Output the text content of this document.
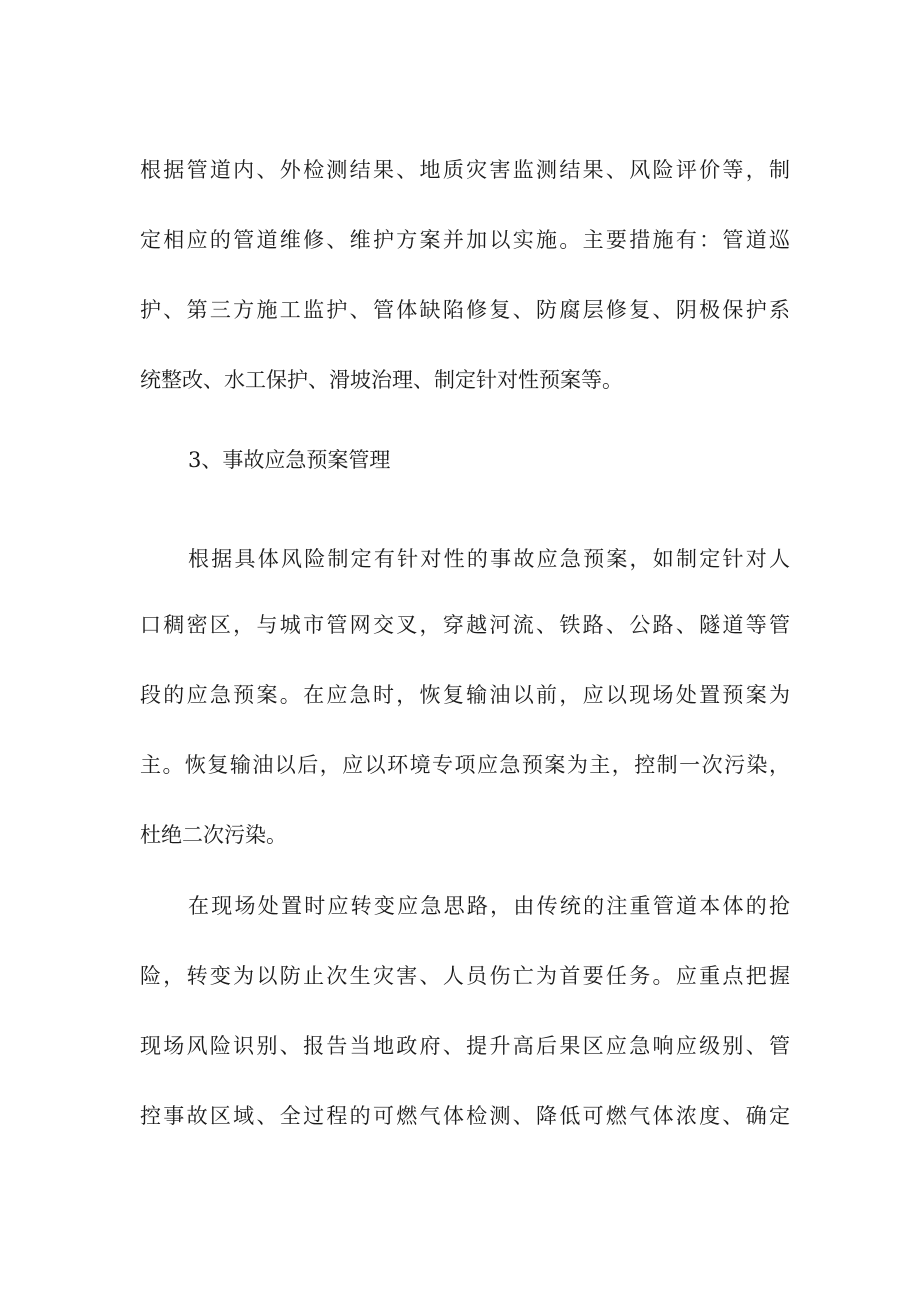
根据管道内、外检测结果、地质灾害监测结果、风险评价等，制
定相应的管道维修、维护方案并加以实施。主要措施有：管道巡
护、第三方施工监护、管体缺陷修复、防腐层修复、阴极保护系
统整改、水工保护、滑坡治理、制定针对性预案等。
3、事故应急预案管理
根据具体风险制定有针对性的事故应急预案，如制定针对人
口稠密区，与城市管网交叉，穿越河流、铁路、公路、隧道等管
段的应急预案。在应急时，恢复输油以前，应以现场处置预案为
主。恢复输油以后，应以环境专项应急预案为主，控制一次污染，
杜绝二次污染。
在现场处置时应转变应急思路，由传统的注重管道本体的抢
险，转变为以防止次生灾害、人员伤亡为首要任务。应重点把握
现场风险识别、报告当地政府、提升高后果区应急响应级别、管
控事故区域、全过程的可燃气体检测、降低可燃气体浓度、确定
